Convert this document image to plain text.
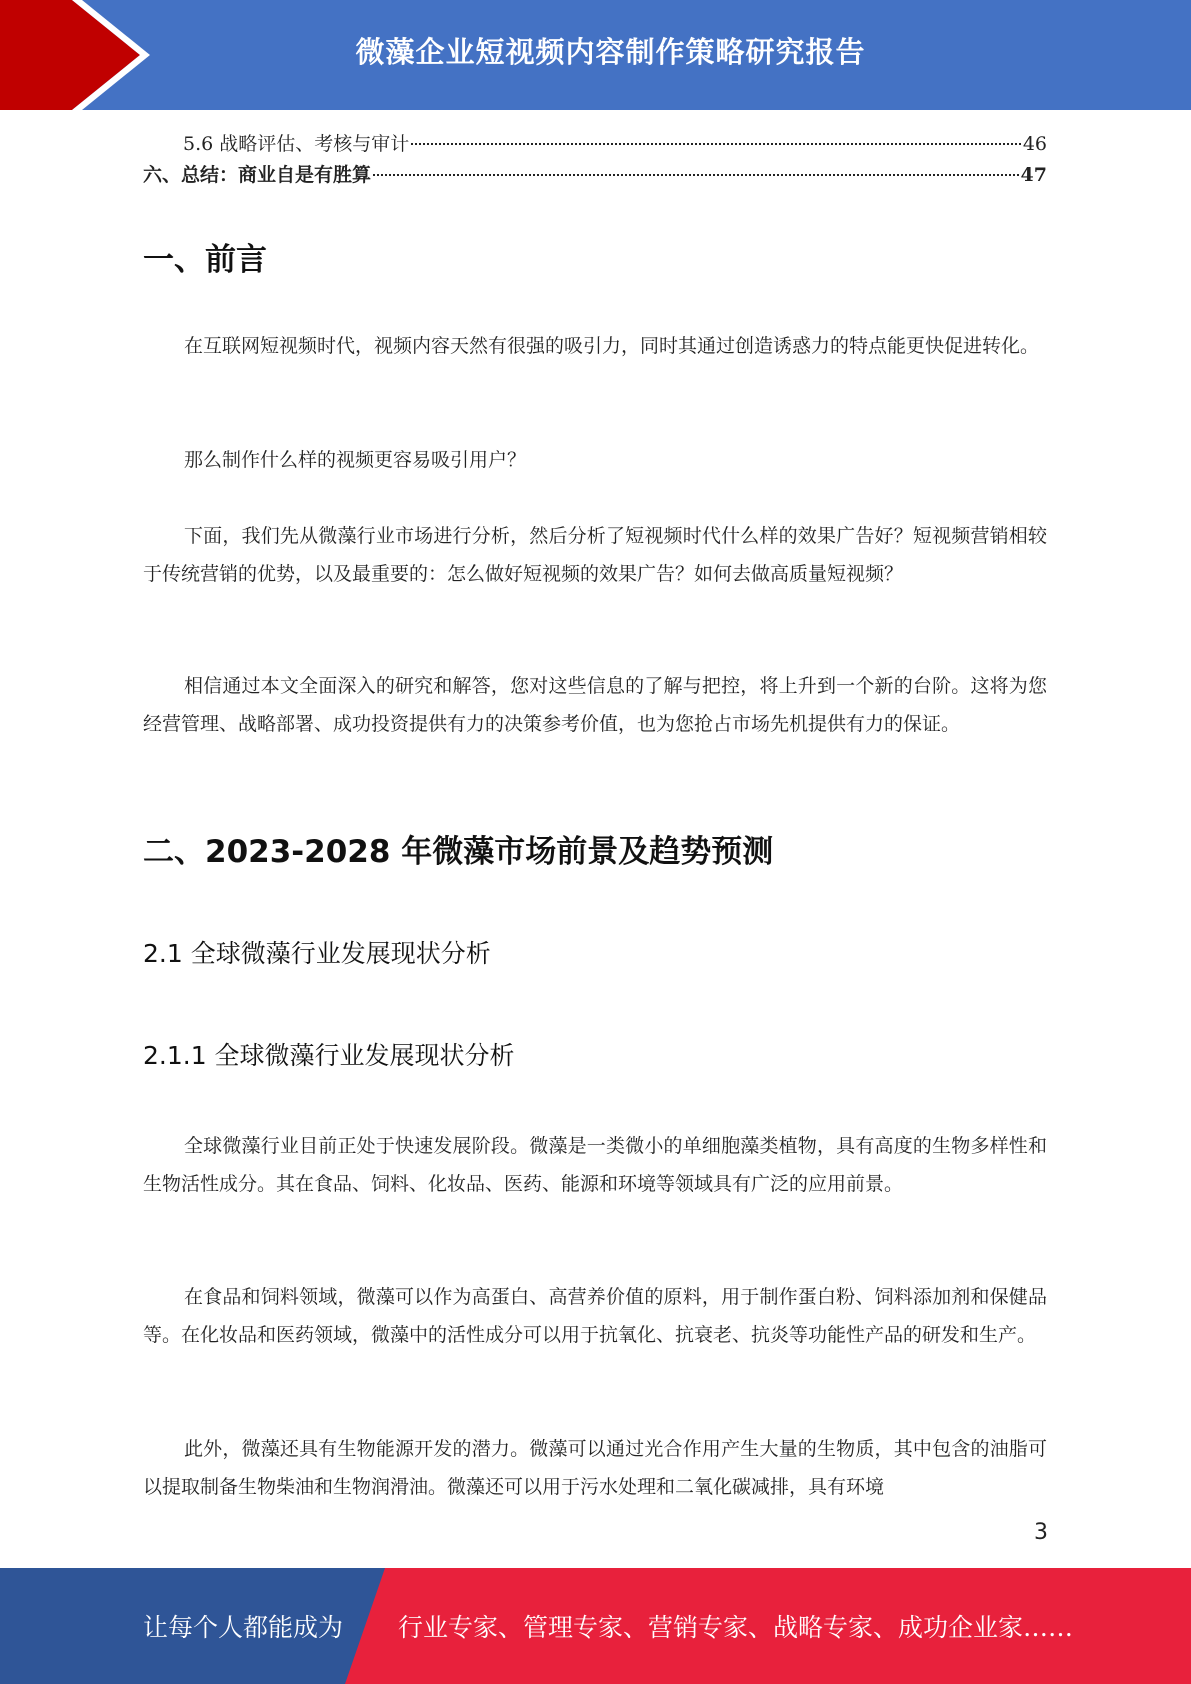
微藻企业短视频内容制作策略研究报告
5.6 战略评估、考核与审计	46
六、总结：商业自是有胜算	47
一、前言
在互联网短视频时代，视频内容天然有很强的吸引力，同时其通过创造诱惑力的特点能更快促进转化。
那么制作什么样的视频更容易吸引用户？
下面，我们先从微藻行业市场进行分析，然后分析了短视频时代什么样的效果广告好？短视频营销相较于传统营销的优势，以及最重要的：怎么做好短视频的效果广告？如何去做高质量短视频？
相信通过本文全面深入的研究和解答，您对这些信息的了解与把控，将上升到一个新的台阶。这将为您经营管理、战略部署、成功投资提供有力的决策参考价值，也为您抢占市场先机提供有力的保证。
二、2023-2028 年微藻市场前景及趋势预测
2.1 全球微藻行业发展现状分析
2.1.1 全球微藻行业发展现状分析
全球微藻行业目前正处于快速发展阶段。微藻是一类微小的单细胞藻类植物，具有高度的生物多样性和生物活性成分。其在食品、饲料、化妆品、医药、能源和环境等领域具有广泛的应用前景。
在食品和饲料领域，微藻可以作为高蛋白、高营养价值的原料，用于制作蛋白粉、饲料添加剂和保健品等。在化妆品和医药领域，微藻中的活性成分可以用于抗氧化、抗衰老、抗炎等功能性产品的研发和生产。
此外，微藻还具有生物能源开发的潜力。微藻可以通过光合作用产生大量的生物质，其中包含的油脂可以提取制备生物柴油和生物润滑油。微藻还可以用于污水处理和二氧化碳减排，具有环境
3
让每个人都能成为 行业专家、管理专家、营销专家、战略专家、成功企业家……
